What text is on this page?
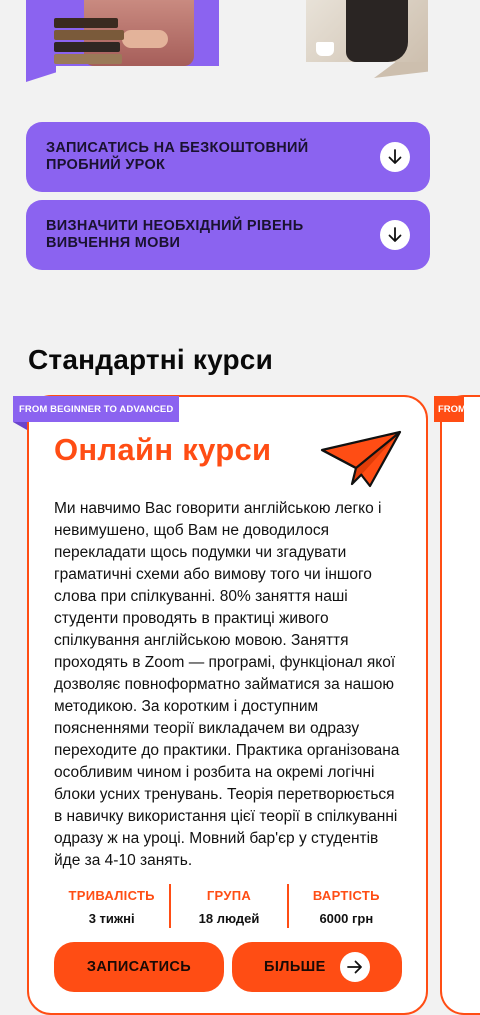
ЗАПИСАТИСЬ НА БЕЗКОШТОВНИЙ ПРОБНИЙ УРОК
ВИЗНАЧИТИ НЕОБХІДНИЙ РІВЕНЬ ВИВЧЕННЯ МОВИ
Стандартні курси
FROM
FROM BEGINNER TO ADVANCED
Онлайн курси

Ми навчимо Вас говорити англійською легко і невимушено, щоб Вам не доводилося перекладати щось подумки чи згадувати граматичні схеми або вимову того чи іншого слова при спілкуванні. 80% заняття наші студенти проводять в практиці живого спілкування англійською мовою. Заняття проходять в Zoom — програмі, функціонал якої дозволяє повноформатно займатися за нашою методикою. За коротким і доступним поясненнями теорії викладачем ви одразу переходите до практики. Практика організована особливим чином і розбита на окремі логічні блоки усних тренувань. Теорія перетворюється в навичку використання цієї теорії в спілкуванні одразу ж на уроці. Мовний бар'єр у студентів йде за 4-10 занять.

ТРИВАЛІСТЬ
3 тижні
ГРУПА
18 людей
ВАРТІСТЬ
6000 грн
ЗАПИСАТИСЬ	БІЛЬШЕ
